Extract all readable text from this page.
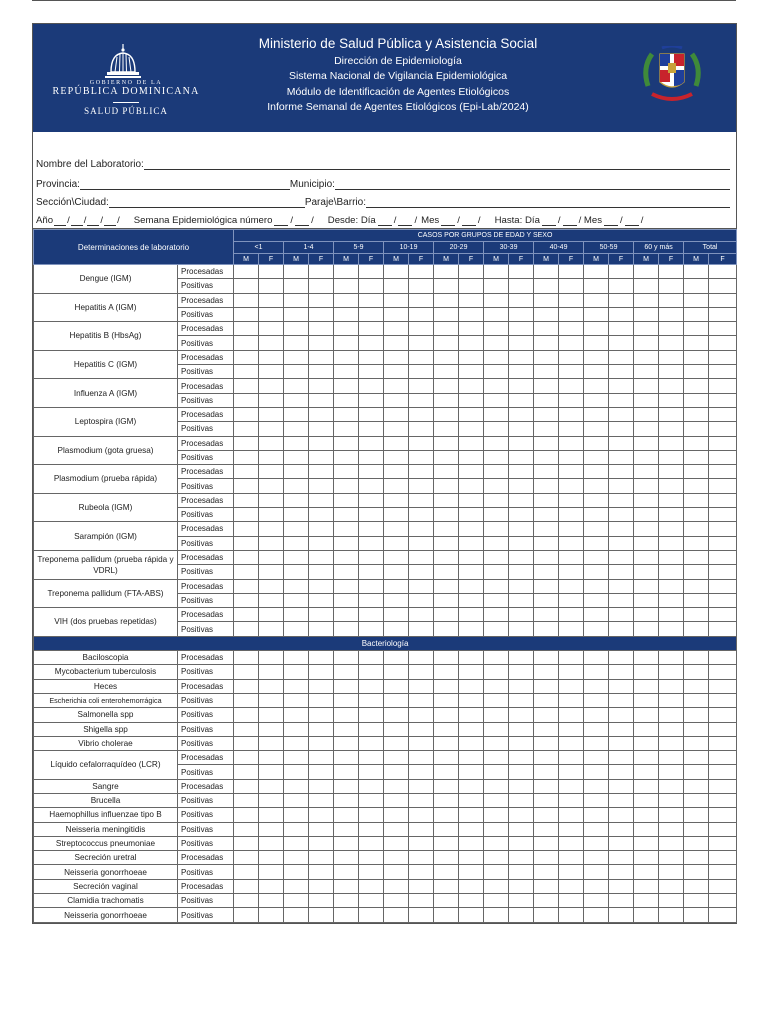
GOBIERNO DE LA
REPÚBLICA DOMINICANA
SALUD PÚBLICA
Ministerio de Salud Pública y Asistencia Social
Dirección de Epidemiología
Sistema Nacional de Vigilancia Epidemiológica
Módulo de Identificación de Agentes Etiológicos
Informe Semanal de Agentes Etiológicos (Epi-Lab/2024)
Nombre del Laboratorio:
Provincia:	Municipio:
Sección\Ciudad:	Paraje\Barrio:
Año / / / / Semana Epidemiológica número / / Desde: Día / / Mes / / Hasta: Día / / Mes / /
Determinaciones de laboratorio		CASOS POR GRUPOS DE EDAD Y SEXO																			
		<1		1-4		5-9		10-19		20-29		30-39		40-49		50-59		60 y más		Total	
		M	F	M	F	M	F	M	F	M	F	M	F	M	F	M	F	M	F	M	F
Dengue (IGM)	Procesadas																				
	Positivas																				
Hepatitis A (IGM)	Procesadas																				
	Positivas																				
Hepatitis B (HbsAg)	Procesadas																				
	Positivas																				
Hepatitis C (IGM)	Procesadas																				
	Positivas																				
Influenza A (IGM)	Procesadas																				
	Positivas																				
Leptospira (IGM)	Procesadas																				
	Positivas																				
Plasmodium (gota gruesa)	Procesadas																				
	Positivas																				
Plasmodium (prueba rápida)	Procesadas																				
	Positivas																				
Rubeola (IGM)	Procesadas																				
	Positivas																				
Sarampión (IGM)	Procesadas																				
	Positivas																				
Treponema pallidum (prueba rápida y VDRL)	Procesadas																				
	Positivas																				
Treponema pallidum (FTA-ABS)	Procesadas																				
	Positivas																				
VIH (dos pruebas repetidas)	Procesadas																				
	Positivas																				
Bacteriología																					
Baciloscopia	Procesadas																				
Mycobacterium tuberculosis	Positivas																				
Heces	Procesadas																				
Escherichia coli enterohemorrágica	Positivas																				
Salmonella spp	Positivas																				
Shigella spp	Positivas																				
Vibrio cholerae	Positivas																				
Líquido cefalorraquídeo (LCR)	Procesadas																				
	Positivas																				
Sangre	Procesadas																				
Brucella	Positivas																				
Haemophillus influenzae tipo B	Positivas																				
Neisseria meningitidis	Positivas																				
Streptococcus pneumoniae	Positivas																				
Secreción uretral	Procesadas																				
Neisseria gonorrhoeae	Positivas																				
Secreción vaginal	Procesadas																				
Clamidia trachomatis	Positivas																				
Neisseria gonorrhoeae	Positivas																				
